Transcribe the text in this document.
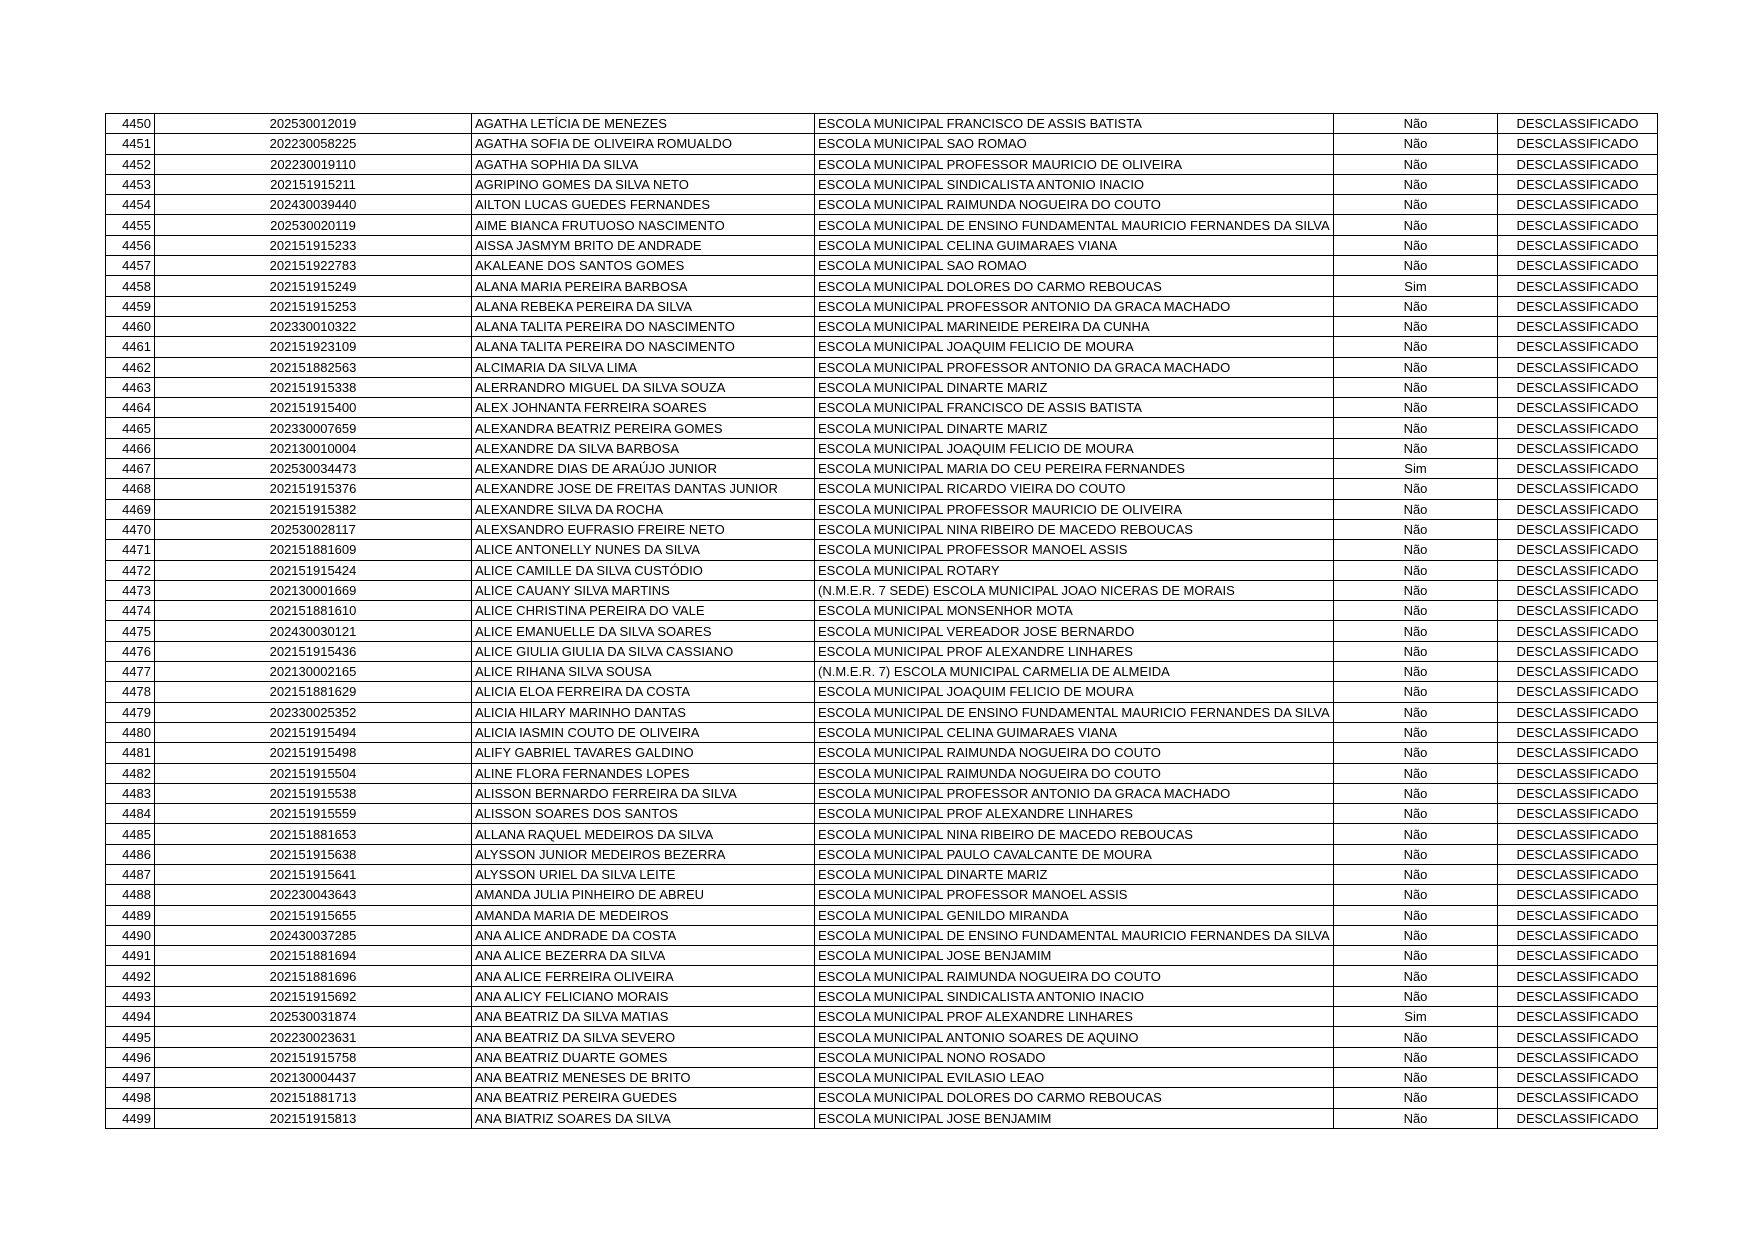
4450	202530012019	AGATHA LETÍCIA DE MENEZES	ESCOLA MUNICIPAL FRANCISCO DE ASSIS BATISTA	Não	DESCLASSIFICADO
4451	202230058225	AGATHA SOFIA DE OLIVEIRA ROMUALDO	ESCOLA MUNICIPAL SAO ROMAO	Não	DESCLASSIFICADO
4452	202230019110	AGATHA SOPHIA DA SILVA	ESCOLA MUNICIPAL PROFESSOR MAURICIO DE OLIVEIRA	Não	DESCLASSIFICADO
4453	202151915211	AGRIPINO GOMES DA SILVA NETO	ESCOLA MUNICIPAL SINDICALISTA ANTONIO INACIO	Não	DESCLASSIFICADO
4454	202430039440	AILTON LUCAS GUEDES FERNANDES	ESCOLA MUNICIPAL RAIMUNDA NOGUEIRA DO COUTO	Não	DESCLASSIFICADO
4455	202530020119	AIME BIANCA FRUTUOSO NASCIMENTO	ESCOLA MUNICIPAL DE ENSINO FUNDAMENTAL MAURICIO FERNANDES DA SILVA	Não	DESCLASSIFICADO
4456	202151915233	AISSA JASMYM BRITO DE ANDRADE	ESCOLA MUNICIPAL CELINA GUIMARAES VIANA	Não	DESCLASSIFICADO
4457	202151922783	AKALEANE DOS SANTOS GOMES	ESCOLA MUNICIPAL SAO ROMAO	Não	DESCLASSIFICADO
4458	202151915249	ALANA MARIA PEREIRA BARBOSA	ESCOLA MUNICIPAL DOLORES DO CARMO REBOUCAS	Sim	DESCLASSIFICADO
4459	202151915253	ALANA REBEKA PEREIRA DA SILVA	ESCOLA MUNICIPAL PROFESSOR ANTONIO DA GRACA MACHADO	Não	DESCLASSIFICADO
4460	202330010322	ALANA TALITA PEREIRA DO NASCIMENTO	ESCOLA MUNICIPAL MARINEIDE PEREIRA DA CUNHA	Não	DESCLASSIFICADO
4461	202151923109	ALANA TALITA PEREIRA DO NASCIMENTO	ESCOLA MUNICIPAL JOAQUIM FELICIO DE MOURA	Não	DESCLASSIFICADO
4462	202151882563	ALCIMARIA DA SILVA LIMA	ESCOLA MUNICIPAL PROFESSOR ANTONIO DA GRACA MACHADO	Não	DESCLASSIFICADO
4463	202151915338	ALERRANDRO MIGUEL DA SILVA SOUZA	ESCOLA MUNICIPAL DINARTE MARIZ	Não	DESCLASSIFICADO
4464	202151915400	ALEX JOHNANTA FERREIRA SOARES	ESCOLA MUNICIPAL FRANCISCO DE ASSIS BATISTA	Não	DESCLASSIFICADO
4465	202330007659	ALEXANDRA BEATRIZ PEREIRA GOMES	ESCOLA MUNICIPAL DINARTE MARIZ	Não	DESCLASSIFICADO
4466	202130010004	ALEXANDRE DA SILVA BARBOSA	ESCOLA MUNICIPAL JOAQUIM FELICIO DE MOURA	Não	DESCLASSIFICADO
4467	202530034473	ALEXANDRE DIAS DE ARAÚJO JUNIOR	ESCOLA MUNICIPAL MARIA DO CEU PEREIRA FERNANDES	Sim	DESCLASSIFICADO
4468	202151915376	ALEXANDRE JOSE DE FREITAS DANTAS JUNIOR	ESCOLA MUNICIPAL RICARDO VIEIRA DO COUTO	Não	DESCLASSIFICADO
4469	202151915382	ALEXANDRE SILVA DA ROCHA	ESCOLA MUNICIPAL PROFESSOR MAURICIO DE OLIVEIRA	Não	DESCLASSIFICADO
4470	202530028117	ALEXSANDRO EUFRASIO FREIRE NETO	ESCOLA MUNICIPAL NINA RIBEIRO DE MACEDO REBOUCAS	Não	DESCLASSIFICADO
4471	202151881609	ALICE ANTONELLY NUNES DA SILVA	ESCOLA MUNICIPAL PROFESSOR MANOEL ASSIS	Não	DESCLASSIFICADO
4472	202151915424	ALICE CAMILLE DA SILVA CUSTÓDIO	ESCOLA MUNICIPAL ROTARY	Não	DESCLASSIFICADO
4473	202130001669	ALICE CAUANY SILVA MARTINS	(N.M.E.R. 7 SEDE) ESCOLA MUNICIPAL JOAO NICERAS DE MORAIS	Não	DESCLASSIFICADO
4474	202151881610	ALICE CHRISTINA PEREIRA DO VALE	ESCOLA MUNICIPAL MONSENHOR MOTA	Não	DESCLASSIFICADO
4475	202430030121	ALICE EMANUELLE DA SILVA SOARES	ESCOLA MUNICIPAL VEREADOR JOSE BERNARDO	Não	DESCLASSIFICADO
4476	202151915436	ALICE GIULIA GIULIA DA SILVA CASSIANO	ESCOLA MUNICIPAL PROF ALEXANDRE LINHARES	Não	DESCLASSIFICADO
4477	202130002165	ALICE RIHANA SILVA SOUSA	(N.M.E.R. 7) ESCOLA MUNICIPAL CARMELIA DE ALMEIDA	Não	DESCLASSIFICADO
4478	202151881629	ALICIA ELOA FERREIRA DA COSTA	ESCOLA MUNICIPAL JOAQUIM FELICIO DE MOURA	Não	DESCLASSIFICADO
4479	202330025352	ALICIA HILARY MARINHO DANTAS	ESCOLA MUNICIPAL DE ENSINO FUNDAMENTAL MAURICIO FERNANDES DA SILVA	Não	DESCLASSIFICADO
4480	202151915494	ALICIA IASMIN COUTO DE OLIVEIRA	ESCOLA MUNICIPAL CELINA GUIMARAES VIANA	Não	DESCLASSIFICADO
4481	202151915498	ALIFY GABRIEL TAVARES GALDINO	ESCOLA MUNICIPAL RAIMUNDA NOGUEIRA DO COUTO	Não	DESCLASSIFICADO
4482	202151915504	ALINE FLORA FERNANDES LOPES	ESCOLA MUNICIPAL RAIMUNDA NOGUEIRA DO COUTO	Não	DESCLASSIFICADO
4483	202151915538	ALISSON BERNARDO FERREIRA DA SILVA	ESCOLA MUNICIPAL PROFESSOR ANTONIO DA GRACA MACHADO	Não	DESCLASSIFICADO
4484	202151915559	ALISSON SOARES DOS SANTOS	ESCOLA MUNICIPAL PROF ALEXANDRE LINHARES	Não	DESCLASSIFICADO
4485	202151881653	ALLANA RAQUEL MEDEIROS DA SILVA	ESCOLA MUNICIPAL NINA RIBEIRO DE MACEDO REBOUCAS	Não	DESCLASSIFICADO
4486	202151915638	ALYSSON JUNIOR MEDEIROS BEZERRA	ESCOLA MUNICIPAL PAULO CAVALCANTE DE MOURA	Não	DESCLASSIFICADO
4487	202151915641	ALYSSON URIEL DA SILVA LEITE	ESCOLA MUNICIPAL DINARTE MARIZ	Não	DESCLASSIFICADO
4488	202230043643	AMANDA JULIA PINHEIRO DE ABREU	ESCOLA MUNICIPAL PROFESSOR MANOEL ASSIS	Não	DESCLASSIFICADO
4489	202151915655	AMANDA MARIA DE MEDEIROS	ESCOLA MUNICIPAL GENILDO MIRANDA	Não	DESCLASSIFICADO
4490	202430037285	ANA ALICE ANDRADE DA COSTA	ESCOLA MUNICIPAL DE ENSINO FUNDAMENTAL MAURICIO FERNANDES DA SILVA	Não	DESCLASSIFICADO
4491	202151881694	ANA ALICE BEZERRA DA SILVA	ESCOLA MUNICIPAL JOSE BENJAMIM	Não	DESCLASSIFICADO
4492	202151881696	ANA ALICE FERREIRA OLIVEIRA	ESCOLA MUNICIPAL RAIMUNDA NOGUEIRA DO COUTO	Não	DESCLASSIFICADO
4493	202151915692	ANA ALICY FELICIANO MORAIS	ESCOLA MUNICIPAL SINDICALISTA ANTONIO INACIO	Não	DESCLASSIFICADO
4494	202530031874	ANA BEATRIZ DA SILVA MATIAS	ESCOLA MUNICIPAL PROF ALEXANDRE LINHARES	Sim	DESCLASSIFICADO
4495	202230023631	ANA BEATRIZ DA SILVA SEVERO	ESCOLA MUNICIPAL ANTONIO SOARES DE AQUINO	Não	DESCLASSIFICADO
4496	202151915758	ANA BEATRIZ DUARTE GOMES	ESCOLA MUNICIPAL NONO ROSADO	Não	DESCLASSIFICADO
4497	202130004437	ANA BEATRIZ MENESES DE BRITO	ESCOLA MUNICIPAL EVILASIO LEAO	Não	DESCLASSIFICADO
4498	202151881713	ANA BEATRIZ PEREIRA GUEDES	ESCOLA MUNICIPAL DOLORES DO CARMO REBOUCAS	Não	DESCLASSIFICADO
4499	202151915813	ANA BIATRIZ SOARES DA SILVA	ESCOLA MUNICIPAL JOSE BENJAMIM	Não	DESCLASSIFICADO
